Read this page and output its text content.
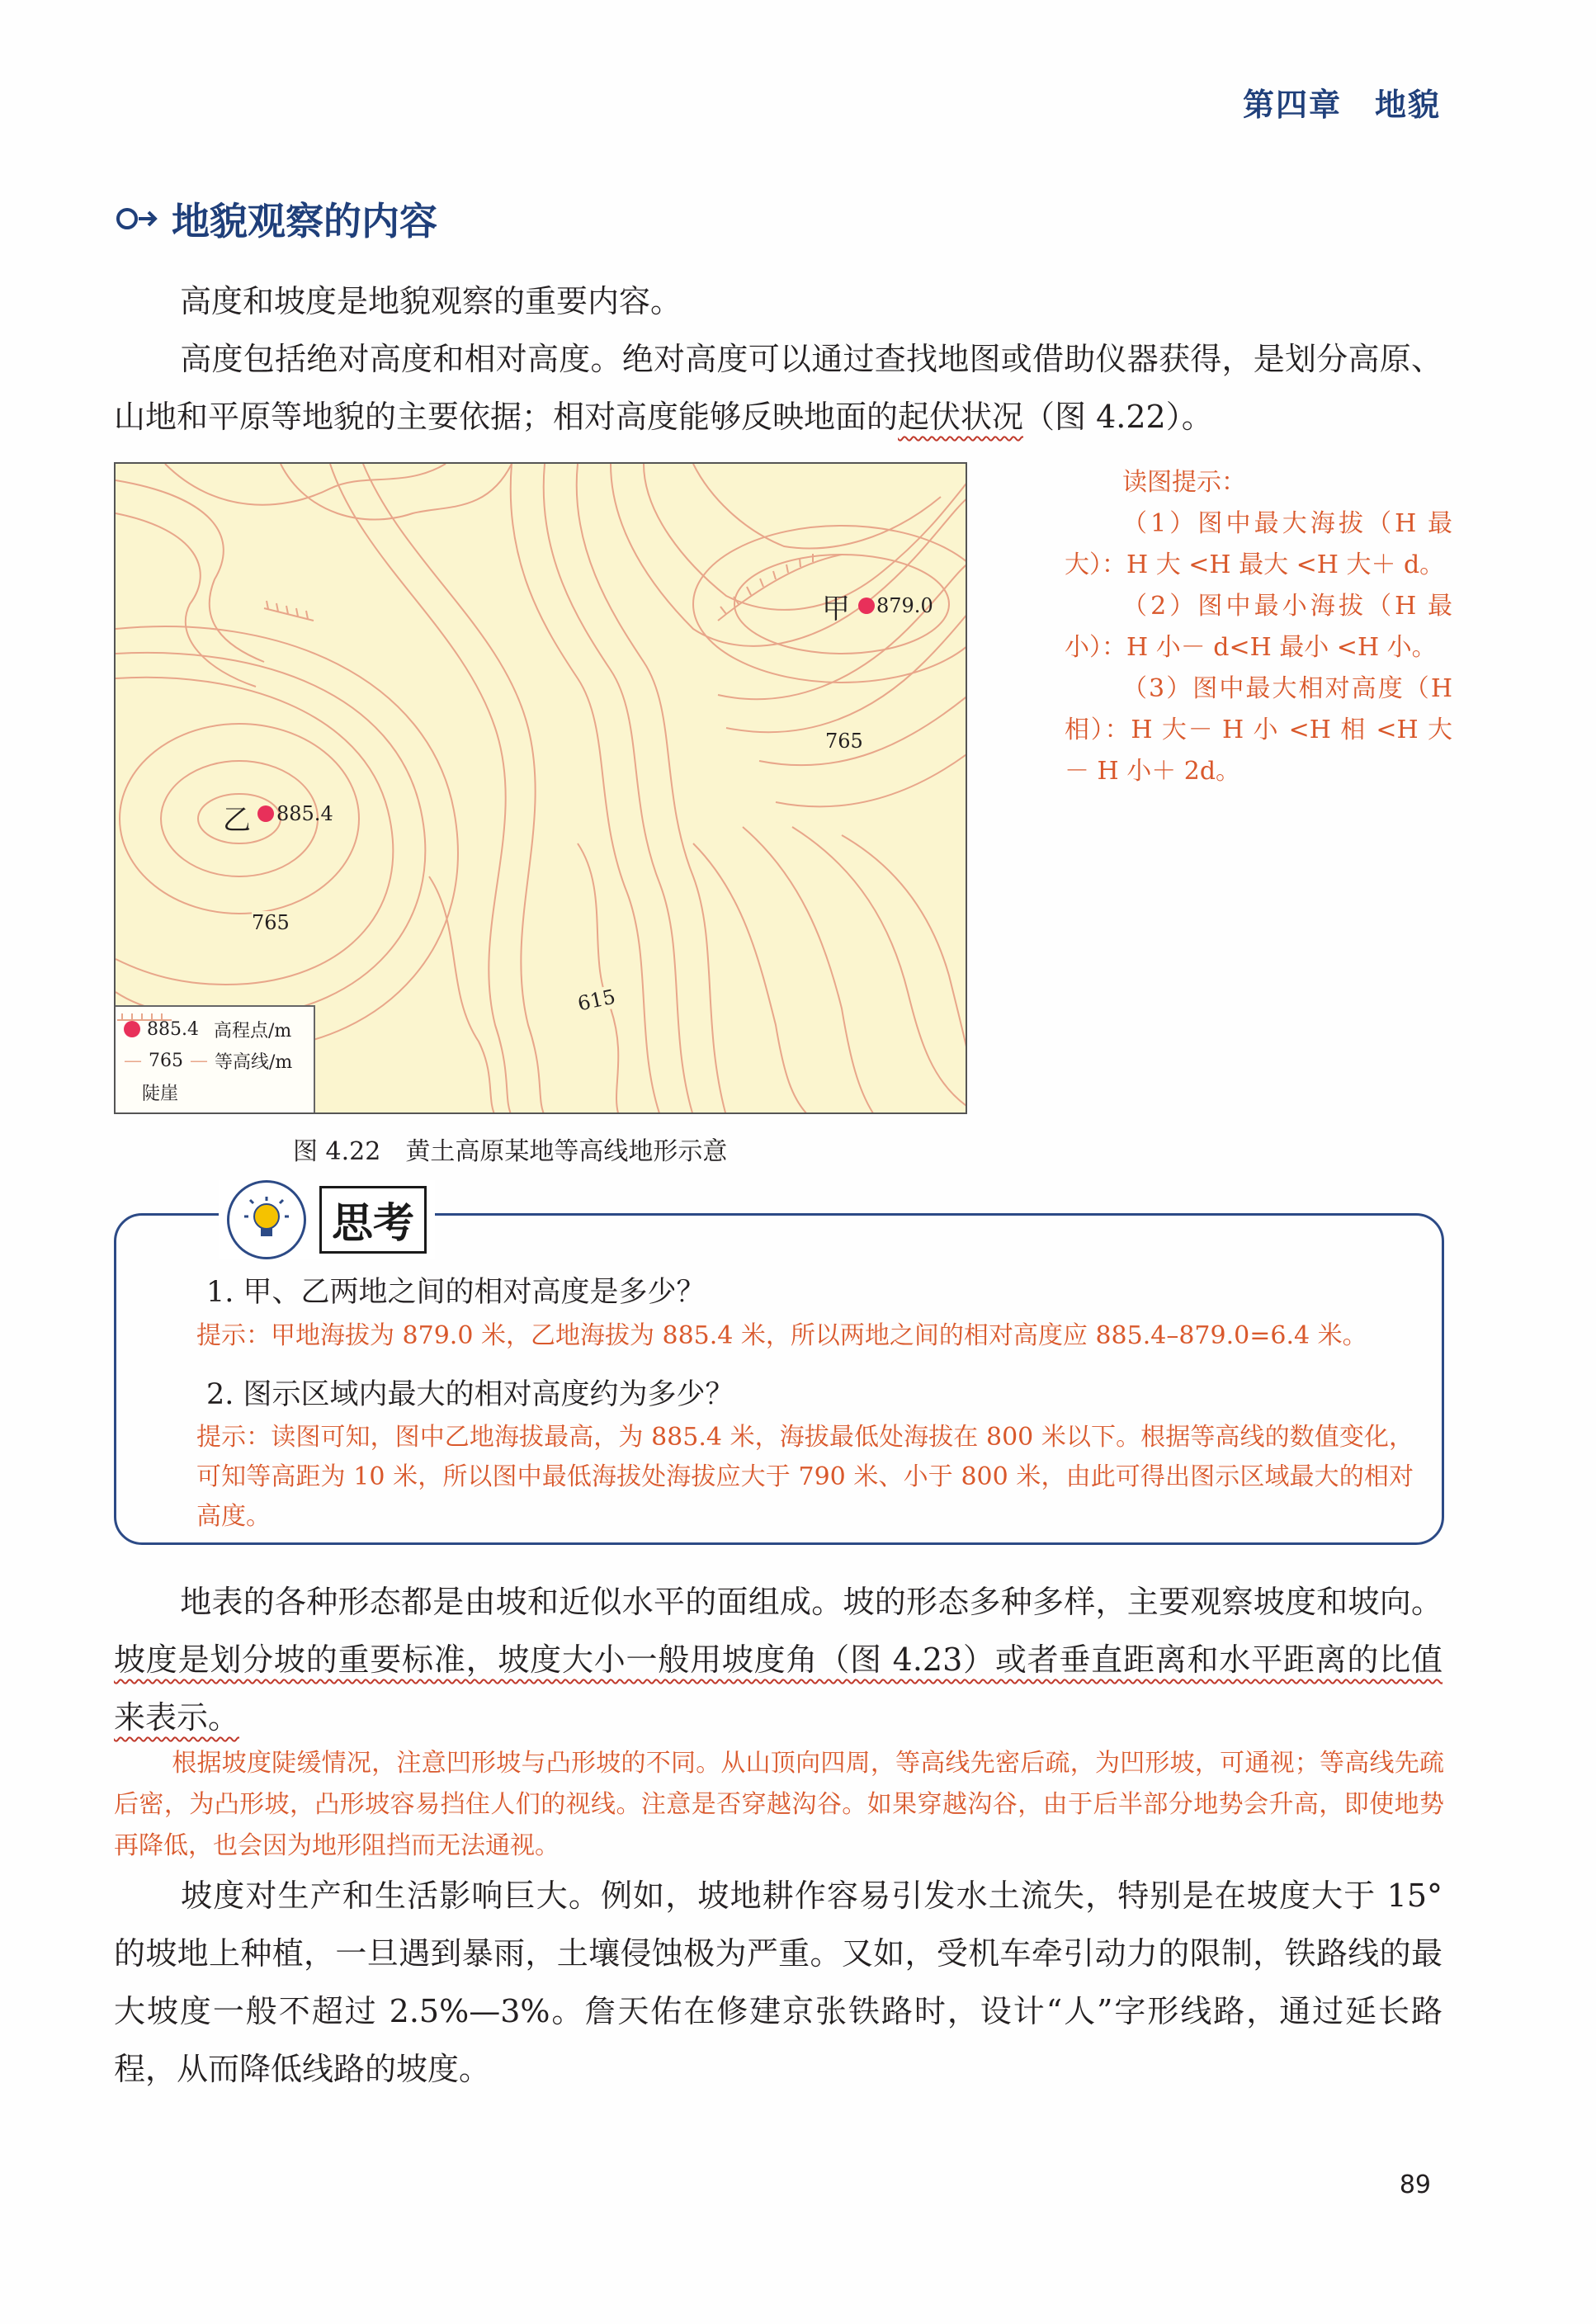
第四章　地貌
地貌观察的内容

高度和坡度是地貌观察的重要内容。

高度包括绝对高度和相对高度。绝对高度可以通过查找地图或借助仪器获得，是划分高原、山地和平原等地貌的主要依据；相对高度能够反映地面的起伏状况（图 4.22）。

甲 879.0
乙 885.4
765
765
615
885.4 高程点/m
— 765 — 等高线/m
陡崖
图 4.22　黄土高原某地等高线地形示意

读图提示：

（1）图中最大海拔（H 最大）：H 大 <H 最大 <H 大＋ d。

（2）图中最小海拔（H 最小）：H 小－ d<H 最小 <H 小。

（3）图中最大相对高度（H 相）：H 大－ H 小 <H 相 <H 大－ H 小＋ 2d。

思考
1. 甲、乙两地之间的相对高度是多少？

提示：甲地海拔为 879.0 米，乙地海拔为 885.4 米，所以两地之间的相对高度应 885.4–879.0=6.4 米。

2. 图示区域内最大的相对高度约为多少？

提示：读图可知，图中乙地海拔最高，为 885.4 米，海拔最低处海拔在 800 米以下。根据等高线的数值变化，可知等高距为 10 米，所以图中最低海拔处海拔应大于 790 米、小于 800 米，由此可得出图示区域最大的相对高度。

地表的各种形态都是由坡和近似水平的面组成。坡的形态多种多样，主要观察坡度和坡向。坡度是划分坡的重要标准，坡度大小一般用坡度角（图 4.23）或者垂直距离和水平距离的比值来表示。

根据坡度陡缓情况，注意凹形坡与凸形坡的不同。从山顶向四周，等高线先密后疏，为凹形坡，可通视；等高线先疏后密，为凸形坡，凸形坡容易挡住人们的视线。注意是否穿越沟谷。如果穿越沟谷，由于后半部分地势会升高，即使地势再降低，也会因为地形阻挡而无法通视。

坡度对生产和生活影响巨大。例如，坡地耕作容易引发水土流失，特别是在坡度大于 15° 的坡地上种植，一旦遇到暴雨，土壤侵蚀极为严重。又如，受机车牵引动力的限制，铁路线的最大坡度一般不超过 2.5%—3%。詹天佑在修建京张铁路时，设计“人”字形线路，通过延长路程，从而降低线路的坡度。

89
